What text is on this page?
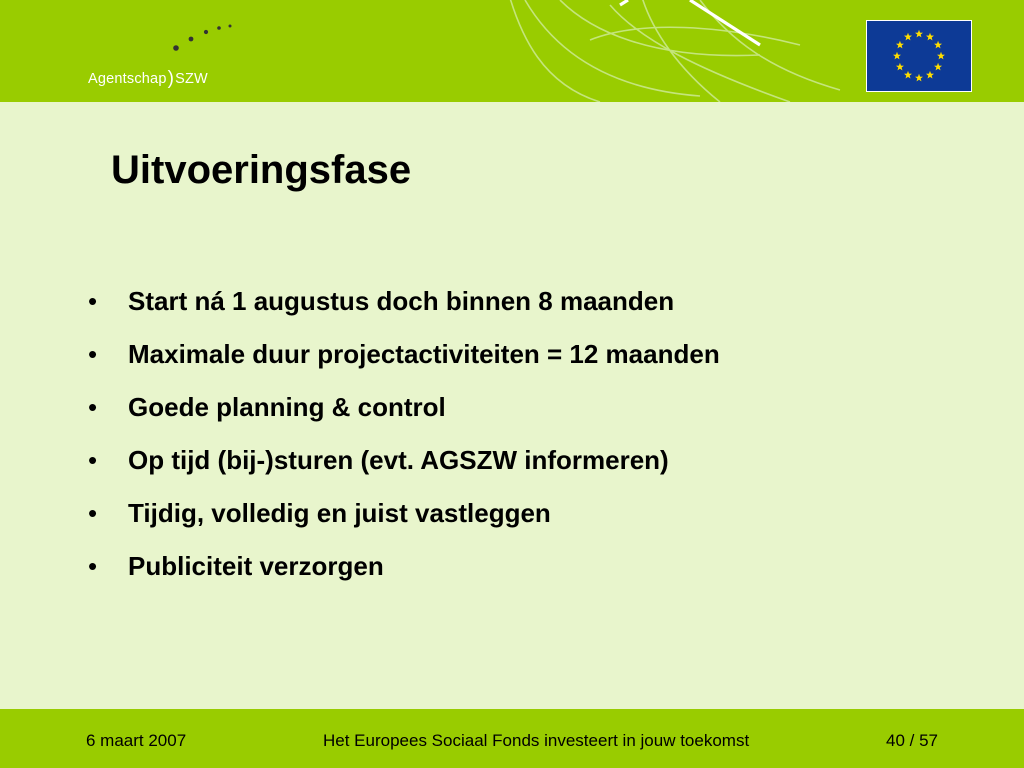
Agentschap)SZW
Uitvoeringsfase
• Start ná 1 augustus doch binnen 8 maanden
• Maximale duur projectactiviteiten = 12 maanden
• Goede planning & control
• Op tijd (bij-)sturen (evt. AGSZW informeren)
• Tijdig, volledig en juist vastleggen
• Publiciteit verzorgen
6 maart 2007	Het Europees Sociaal Fonds investeert in jouw toekomst	40 / 57
